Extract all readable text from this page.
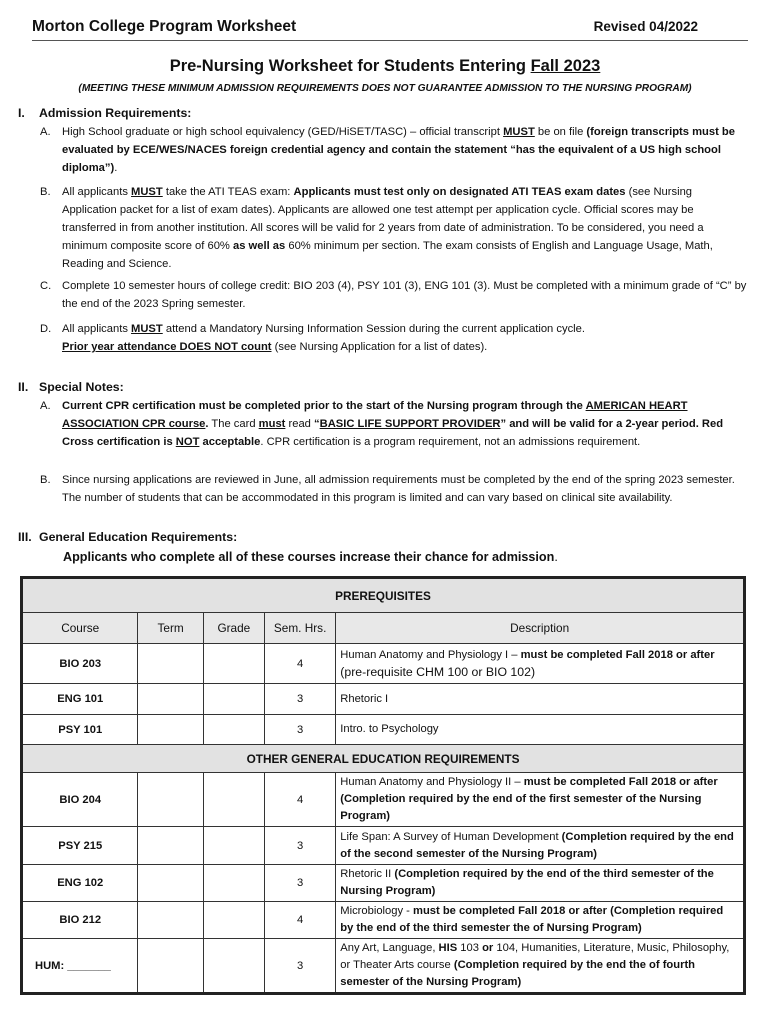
Morton College Program Worksheet	Revised 04/2022
Pre-Nursing Worksheet for Students Entering Fall 2023
(MEETING THESE MINIMUM ADMISSION REQUIREMENTS DOES NOT GUARANTEE ADMISSION TO THE NURSING PROGRAM)
I. Admission Requirements:
A. High School graduate or high school equivalency (GED/HiSET/TASC) – official transcript MUST be on file (foreign transcripts must be evaluated by ECE/WES/NACES foreign credential agency and contain the statement “has the equivalent of a US high school diploma”).
B. All applicants MUST take the ATI TEAS exam: Applicants must test only on designated ATI TEAS exam dates (see Nursing Application packet for a list of exam dates). Applicants are allowed one test attempt per application cycle. Official scores may be transferred in from another institution. All scores will be valid for 2 years from date of administration. To be considered, you need a minimum composite score of 60% as well as 60% minimum per section. The exam consists of English and Language Usage, Math, Reading and Science.
C. Complete 10 semester hours of college credit: BIO 203 (4), PSY 101 (3), ENG 101 (3). Must be completed with a minimum grade of “C” by the end of the 2023 Spring semester.
D. All applicants MUST attend a Mandatory Nursing Information Session during the current application cycle.
Prior year attendance DOES NOT count (see Nursing Application for a list of dates).
II. Special Notes:
A. Current CPR certification must be completed prior to the start of the Nursing program through the AMERICAN HEART ASSOCIATION CPR course. The card must read “BASIC LIFE SUPPORT PROVIDER” and will be valid for a 2-year period. Red Cross certification is NOT acceptable. CPR certification is a program requirement, not an admissions requirement.
B. Since nursing applications are reviewed in June, all admission requirements must be completed by the end of the spring 2023 semester. The number of students that can be accommodated in this program is limited and can vary based on clinical site availability.
III. General Education Requirements:
Applicants who complete all of these courses increase their chance for admission.
PREREQUISITES				
Course	Term	Grade	Sem. Hrs.	Description
BIO 203			4	Human Anatomy and Physiology I – must be completed Fall 2018 or after (pre-requisite CHM 100 or BIO 102)
ENG 101			3	Rhetoric I
PSY 101			3	Intro. to Psychology
OTHER GENERAL EDUCATION REQUIREMENTS				
BIO 204			4	Human Anatomy and Physiology II – must be completed Fall 2018 or after (Completion required by the end of the first semester of the Nursing Program)
PSY 215			3	Life Span: A Survey of Human Development (Completion required by the end of the second semester of the Nursing Program)
ENG 102			3	Rhetoric II (Completion required by the end of the third semester of the Nursing Program)
BIO 212			4	Microbiology - must be completed Fall 2018 or after (Completion required by the end of the third semester the of Nursing Program)
HUM: _______			3	Any Art, Language, HIS 103 or 104, Humanities, Literature, Music, Philosophy, or Theater Arts course (Completion required by the end the of fourth semester of the Nursing Program)
